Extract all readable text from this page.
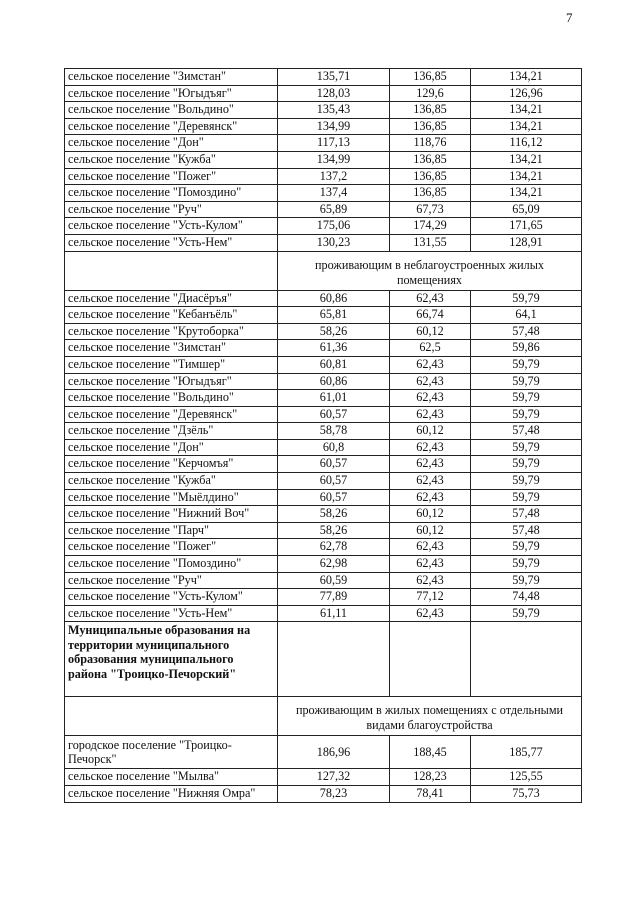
7
сельское поселение "Зимстан"	135,71	136,85	134,21
сельское поселение "Югыдъяг"	128,03	129,6	126,96
сельское поселение "Вольдино"	135,43	136,85	134,21
сельское поселение "Деревянск"	134,99	136,85	134,21
сельское поселение "Дон"	117,13	118,76	116,12
сельское поселение "Кужба"	134,99	136,85	134,21
сельское поселение "Пожег"	137,2	136,85	134,21
сельское поселение "Помоздино"	137,4	136,85	134,21
сельское поселение "Руч"	65,89	67,73	65,09
сельское поселение "Усть-Кулом"	175,06	174,29	171,65
сельское поселение "Усть-Нем"	130,23	131,55	128,91
	проживающим в неблагоустроенных жилых помещениях		
сельское поселение "Диасёръя"	60,86	62,43	59,79
сельское поселение "Кебанъёль"	65,81	66,74	64,1
сельское поселение "Крутоборка"	58,26	60,12	57,48
сельское поселение "Зимстан"	61,36	62,5	59,86
сельское поселение "Тимшер"	60,81	62,43	59,79
сельское поселение "Югыдъяг"	60,86	62,43	59,79
сельское поселение "Вольдино"	61,01	62,43	59,79
сельское поселение "Деревянск"	60,57	62,43	59,79
сельское поселение "Дзёль"	58,78	60,12	57,48
сельское поселение "Дон"	60,8	62,43	59,79
сельское поселение "Керчомъя"	60,57	62,43	59,79
сельское поселение "Кужба"	60,57	62,43	59,79
сельское поселение "Мыёлдино"	60,57	62,43	59,79
сельское поселение "Нижний Воч"	58,26	60,12	57,48
сельское поселение "Парч"	58,26	60,12	57,48
сельское поселение "Пожег"	62,78	62,43	59,79
сельское поселение "Помоздино"	62,98	62,43	59,79
сельское поселение "Руч"	60,59	62,43	59,79
сельское поселение "Усть-Кулом"	77,89	77,12	74,48
сельское поселение "Усть-Нем"	61,11	62,43	59,79
Муниципальные образования на территории муниципального образования муниципального района "Троицко-Печорский"			
	проживающим в жилых помещениях с отдельными видами благоустройства		
городское поселение "Троицко-Печорск"	186,96	188,45	185,77
сельское поселение "Мылва"	127,32	128,23	125,55
сельское поселение "Нижняя Омра"	78,23	78,41	75,73
